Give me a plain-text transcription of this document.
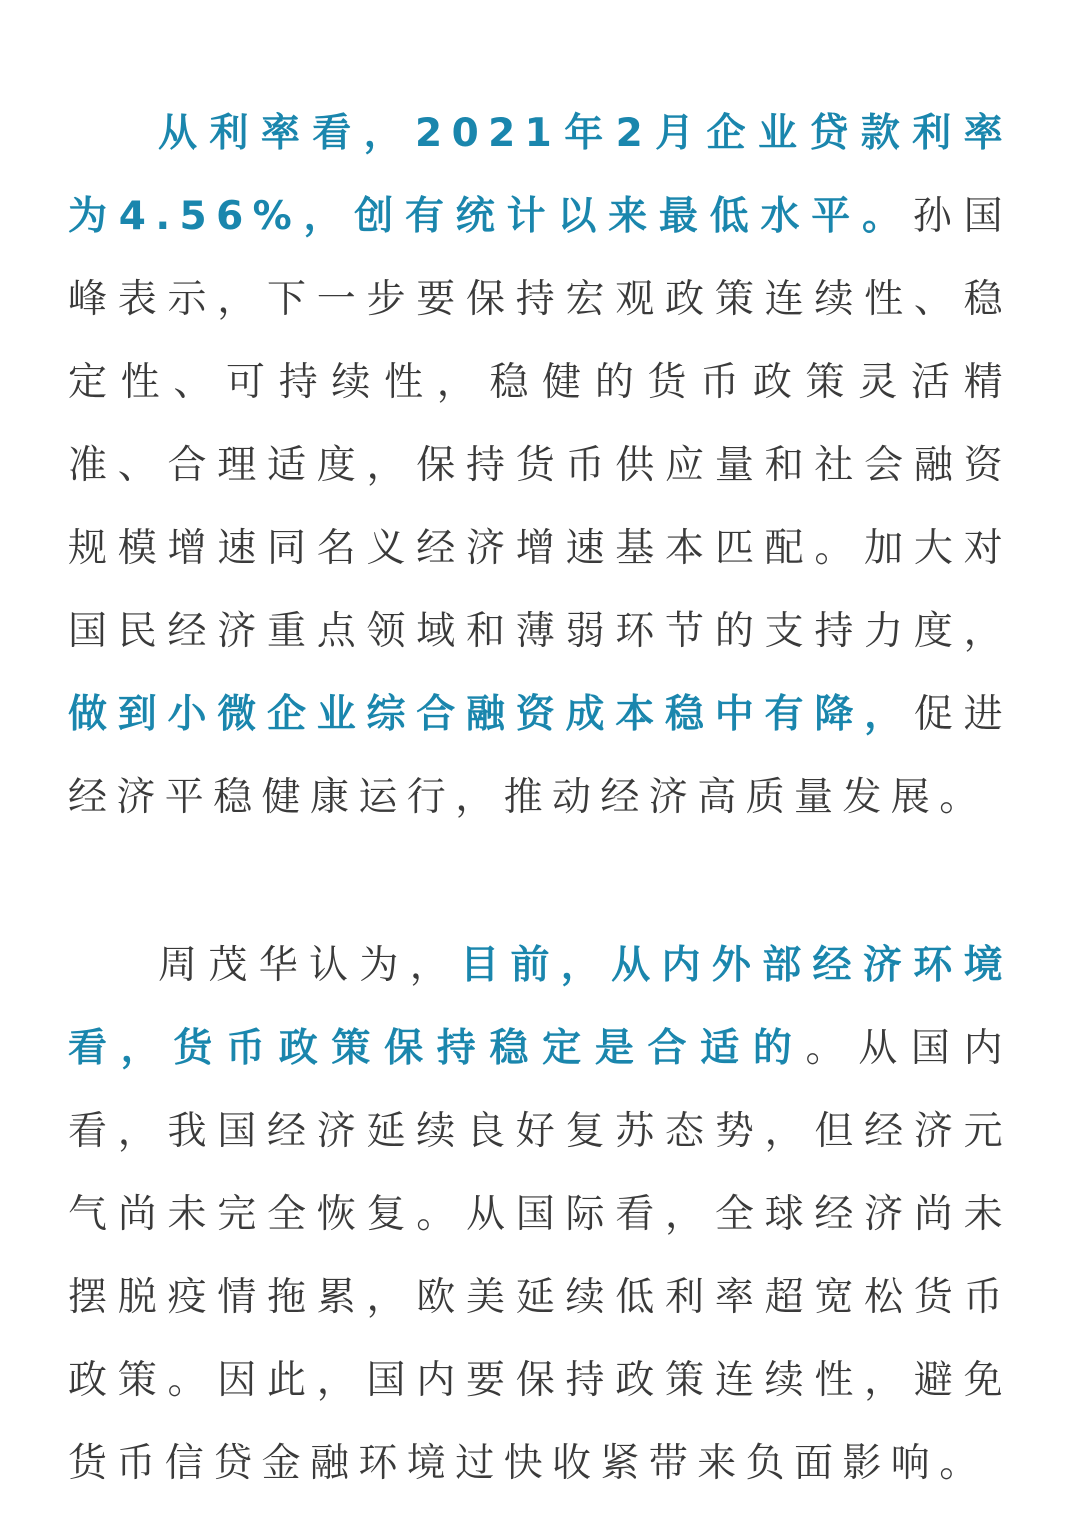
从利率看，2021年2月企业贷款利率为4.56%，创有统计以来最低水平。孙国峰表示，下一步要保持宏观政策连续性、稳定性、可持续性，稳健的货币政策灵活精准、合理适度，保持货币供应量和社会融资规模增速同名义经济增速基本匹配。加大对国民经济重点领域和薄弱环节的支持力度，做到小微企业综合融资成本稳中有降，促进经济平稳健康运行，推动经济高质量发展。

周茂华认为，目前，从内外部经济环境看，货币政策保持稳定是合适的。从国内看，我国经济延续良好复苏态势，但经济元气尚未完全恢复。从国际看，全球经济尚未摆脱疫情拖累，欧美延续低利率超宽松货币政策。因此，国内要保持政策连续性，避免货币信贷金融环境过快收紧带来负面影响。
